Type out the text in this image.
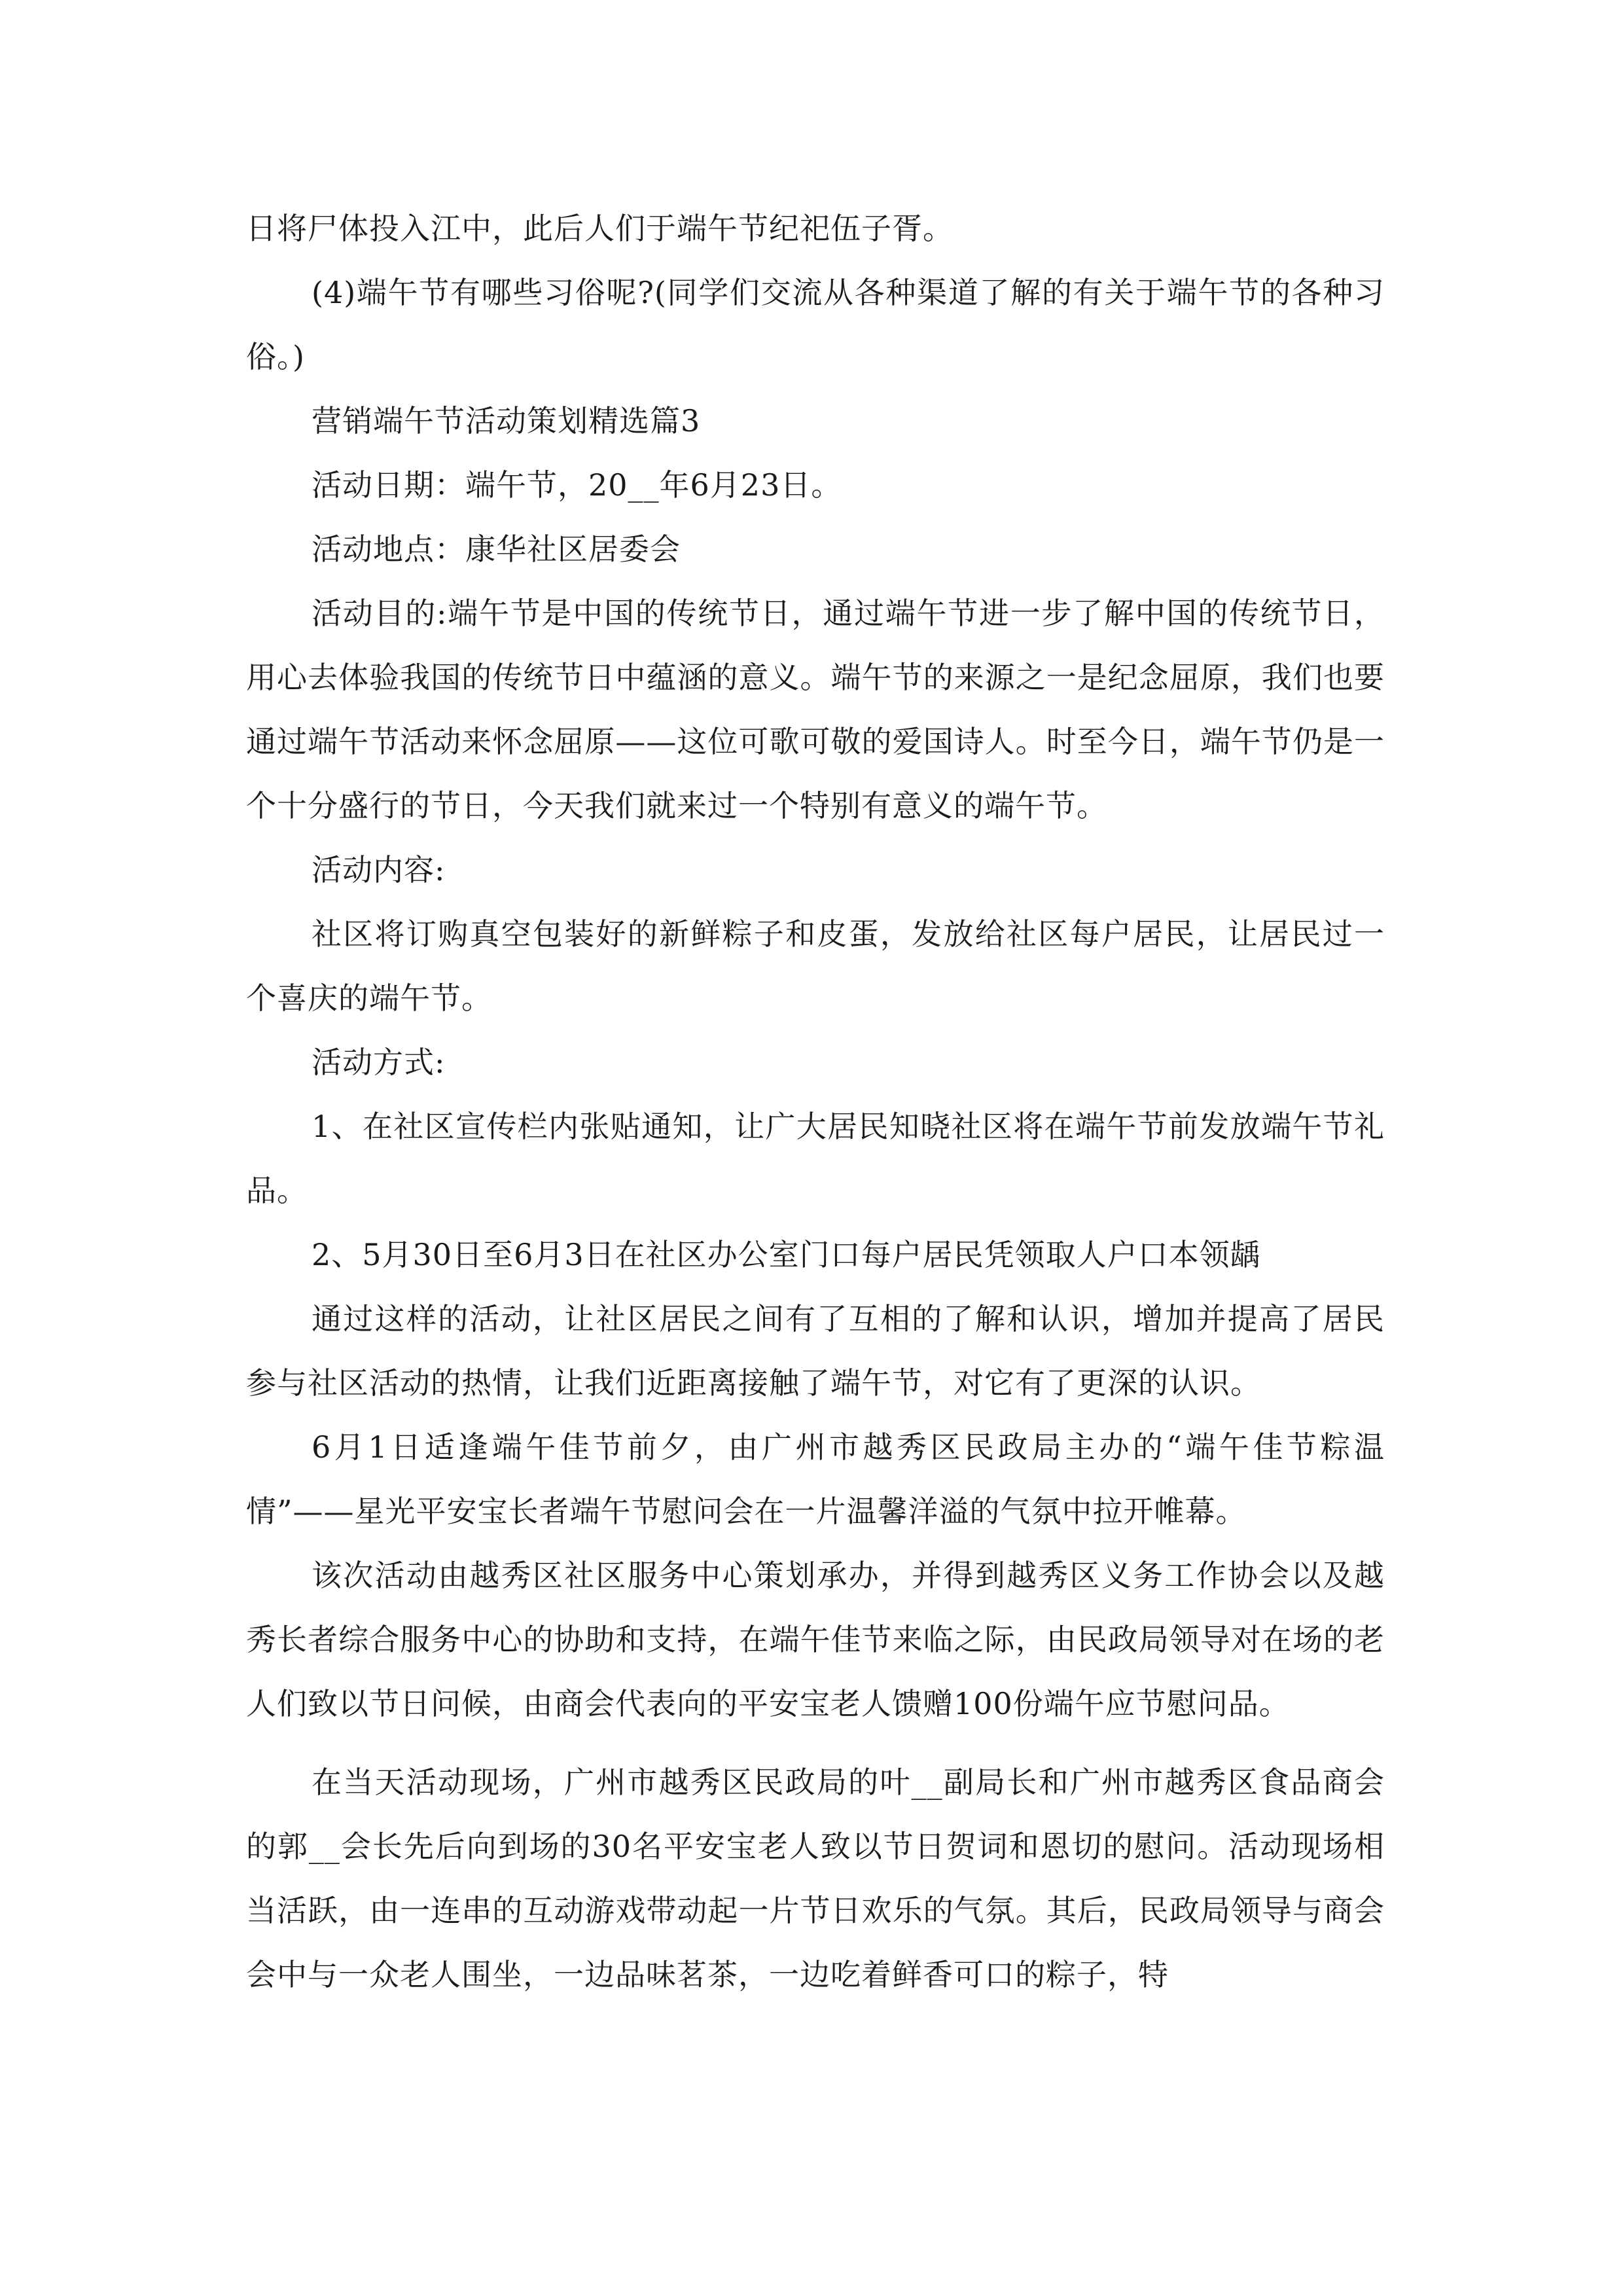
日将尸体投入江中，此后人们于端午节纪祀伍子胥。

(4)端午节有哪些习俗呢?(同学们交流从各种渠道了解的有关于端午节的各种习俗。)

营销端午节活动策划精选篇3

活动日期：端午节，20__年6月23日。

活动地点：康华社区居委会

活动目的:端午节是中国的传统节日，通过端午节进一步了解中国的传统节日，用心去体验我国的传统节日中蕴涵的意义。端午节的来源之一是纪念屈原，我们也要通过端午节活动来怀念屈原——这位可歌可敬的爱国诗人。时至今日，端午节仍是一个十分盛行的节日，今天我们就来过一个特别有意义的端午节。

活动内容:

社区将订购真空包装好的新鲜粽子和皮蛋，发放给社区每户居民，让居民过一个喜庆的端午节。

活动方式:

1、在社区宣传栏内张贴通知，让广大居民知晓社区将在端午节前发放端午节礼品。

2、5月30日至6月3日在社区办公室门口每户居民凭领取人户口本领龋

通过这样的活动，让社区居民之间有了互相的了解和认识，增加并提高了居民参与社区活动的热情，让我们近距离接触了端午节，对它有了更深的认识。

6月1日适逢端午佳节前夕，由广州市越秀区民政局主办的“端午佳节粽温情”——星光平安宝长者端午节慰问会在一片温馨洋溢的气氛中拉开帷幕。

该次活动由越秀区社区服务中心策划承办，并得到越秀区义务工作协会以及越秀长者综合服务中心的协助和支持，在端午佳节来临之际，由民政局领导对在场的老人们致以节日问候，由商会代表向的平安宝老人馈赠100份端午应节慰问品。

在当天活动现场，广州市越秀区民政局的叶__副局长和广州市越秀区食品商会的郭__会长先后向到场的30名平安宝老人致以节日贺词和恩切的慰问。活动现场相当活跃，由一连串的互动游戏带动起一片节日欢乐的气氛。其后，民政局领导与商会会中与一众老人围坐，一边品味茗茶，一边吃着鲜香可口的粽子，特
